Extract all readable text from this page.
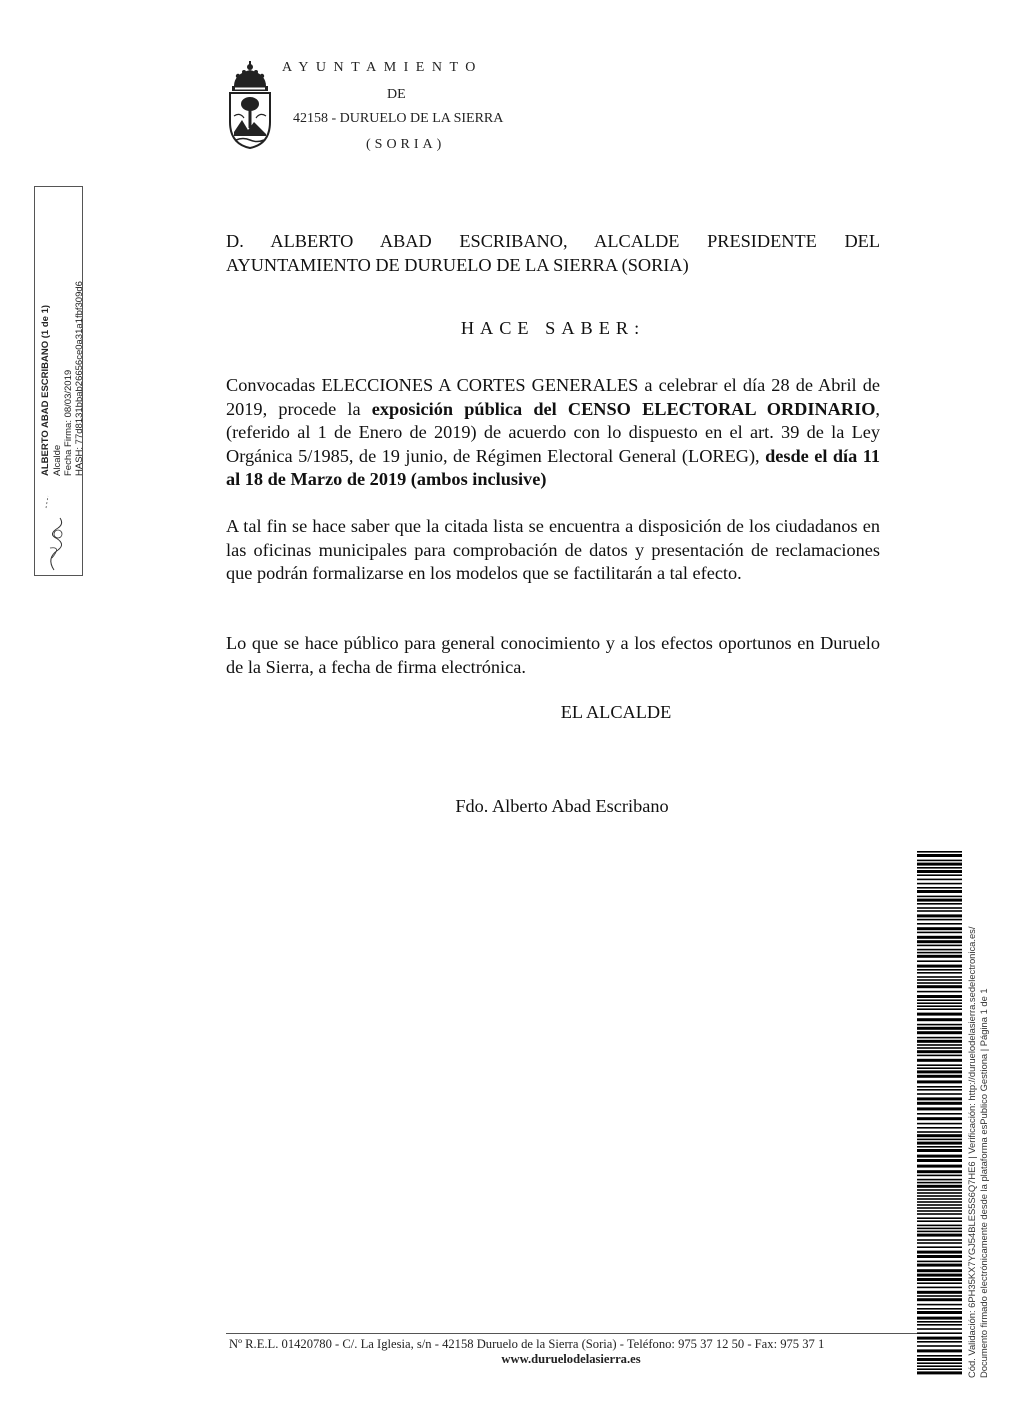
AYUNTAMIENTO
DE
42158 - DURUELO DE LA SIERRA
(SORIA)
ALBERTO ABAD ESCRIBANO (1 de 1) Alcalde Fecha Firma: 08/03/2019 HASH: 77d8131bbab26656ce0a31a1fbf309d6
D. ALBERTO ABAD ESCRIBANO, ALCALDE PRESIDENTE DEL AYUNTAMIENTO DE DURUELO DE LA SIERRA (SORIA)
HACE SABER:
Convocadas ELECCIONES A CORTES GENERALES a celebrar el día 28 de Abril de 2019, procede la exposición pública del CENSO ELECTORAL ORDINARIO, (referido al 1 de Enero de 2019) de acuerdo con lo dispuesto en el art. 39 de la Ley Orgánica 5/1985, de 19 junio, de Régimen Electoral General (LOREG), desde el día 11 al 18 de Marzo de 2019 (ambos inclusive)
A tal fin se hace saber que la citada lista se encuentra a disposición de los ciudadanos en las oficinas municipales para comprobación de datos y presentación de reclamaciones que podrán formalizarse en los modelos que se factilitarán a tal efecto.
Lo que se hace público para general conocimiento y a los efectos oportunos en Duruelo de la Sierra, a fecha de firma electrónica.
EL ALCALDE
Fdo. Alberto Abad Escribano
Cód. Validación: 6PH35KX7YGJ54BLES5S6Q7HE6 | Verificación: http://duruelodelasierra.sedelectronica.es/ Documento firmado electrónicamente desde la plataforma esPublico Gestiona | Página 1 de 1
Nº R.E.L. 01420780 - C/. La Iglesia, s/n - 42158 Duruelo de la Sierra (Soria) - Teléfono: 975 37 12 50 - Fax: 975 37 1
www.duruelodelasierra.es
